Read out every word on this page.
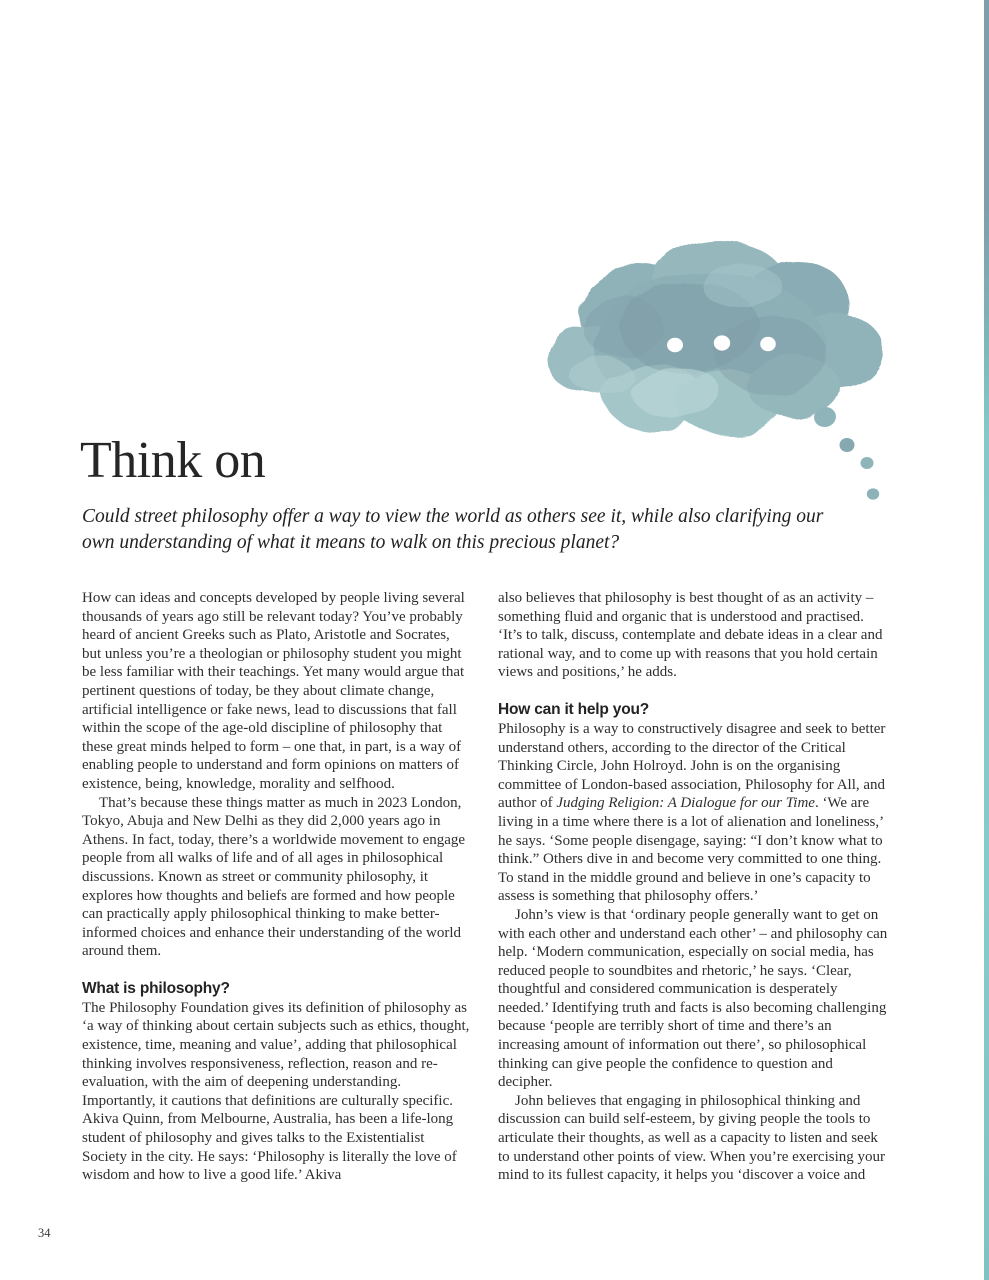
Think on

Could street philosophy offer a way to view the world as others see it, while also clarifying our own understanding of what it means to walk on this precious planet?

How can ideas and concepts developed by people living several thousands of years ago still be relevant today? You’ve probably heard of ancient Greeks such as Plato, Aristotle and Socrates, but unless you’re a theologian or philosophy student you might be less familiar with their teachings. Yet many would argue that pertinent questions of today, be they about climate change, artificial intelligence or fake news, lead to discussions that fall within the scope of the age-old discipline of philosophy that these great minds helped to form – one that, in part, is a way of enabling people to understand and form opinions on matters of existence, being, knowledge, morality and selfhood.

That’s because these things matter as much in 2023 London, Tokyo, Abuja and New Delhi as they did 2,000 years ago in Athens. In fact, today, there’s a worldwide movement to engage people from all walks of life and of all ages in philosophical discussions. Known as street or community philosophy, it explores how thoughts and beliefs are formed and how people can practically apply philosophical thinking to make better-informed choices and enhance their understanding of the world around them.

What is philosophy?

The Philosophy Foundation gives its definition of philosophy as ‘a way of thinking about certain subjects such as ethics, thought, existence, time, meaning and value’, adding that philosophical thinking involves responsiveness, reflection, reason and re-evaluation, with the aim of deepening understanding. Importantly, it cautions that definitions are culturally specific. Akiva Quinn, from Melbourne, Australia, has been a life-long student of philosophy and gives talks to the Existentialist Society in the city. He says: ‘Philosophy is literally the love of wisdom and how to live a good life.’ Akiva

also believes that philosophy is best thought of as an activity – something fluid and organic that is understood and practised. ‘It’s to talk, discuss, contemplate and debate ideas in a clear and rational way, and to come up with reasons that you hold certain views and positions,’ he adds.

How can it help you?

Philosophy is a way to constructively disagree and seek to better understand others, according to the director of the Critical Thinking Circle, John Holroyd. John is on the organising committee of London-based association, Philosophy for All, and author of Judging Religion: A Dialogue for our Time. ‘We are living in a time where there is a lot of alienation and loneliness,’ he says. ‘Some people disengage, saying: “I don’t know what to think.” Others dive in and become very committed to one thing. To stand in the middle ground and believe in one’s capacity to assess is something that philosophy offers.’

John’s view is that ‘ordinary people generally want to get on with each other and understand each other’ – and philosophy can help. ‘Modern communication, especially on social media, has reduced people to soundbites and rhetoric,’ he says. ‘Clear, thoughtful and considered communication is desperately needed.’ Identifying truth and facts is also becoming challenging because ‘people are terribly short of time and there’s an increasing amount of information out there’, so philosophical thinking can give people the confidence to question and decipher.

John believes that engaging in philosophical thinking and discussion can build self-esteem, by giving people the tools to articulate their thoughts, as well as a capacity to listen and seek to understand other points of view. When you’re exercising your mind to its fullest capacity, it helps you ‘discover a voice and

34
